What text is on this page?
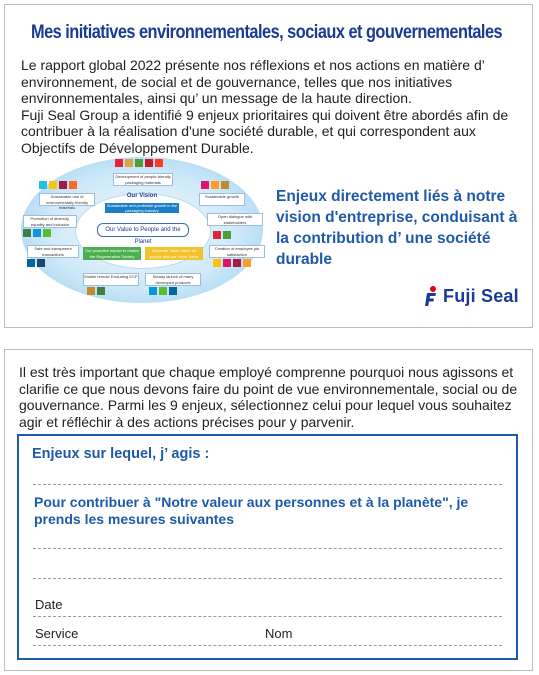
Mes initiatives environnementales, sociaux et gouvernementales

Le rapport global 2022 présente nos réflexions et nos actions en matière d’ environnement, de social et de gouvernance, telles que nos initiatives environnementales, ainsi qu’ un message de la haute direction.

Fuji Seal Group a identifié 9 enjeux prioritaires qui doivent être abordés afin de contribuer à la réalisation d'une société durable, et qui correspondent aux Objectifs de Développement Durable.

Our Vision
Sustainable and profitable growth in the packaging industry
Our Value to People and the Planet
Development of people-friendly packaging materials
Sustainable use of environmentally friendly materials
Sustainable growth
Open dialogue with stakeholders
Promotion of diversity, equality and inclusion
Safe and transparent transactions
Creation of employee job satisfaction
Our proactive impact to realize the Regenerative Society
Generate Value Value for people and our Value Value
Mobile remote Excluding ECP	Steady launch of many developed products
Enjeux directement liés à notre vision d'entreprise, conduisant à la contribution d’ une société durable
Fuji Seal
Il est très important que chaque employé comprenne pourquoi nous agissons et clarifie ce que nous devons faire du point de vue environnementale, social ou de gouvernance. Parmi les 9 enjeux, sélectionnez celui pour lequel vous souhaitez agir et réfléchir à des actions précises pour y parvenir.
Enjeux sur lequel, j’ agis :
Pour contribuer à "Notre valeur aux personnes et à la planète", je prends les mesures suivantes
Date
Service	Nom
